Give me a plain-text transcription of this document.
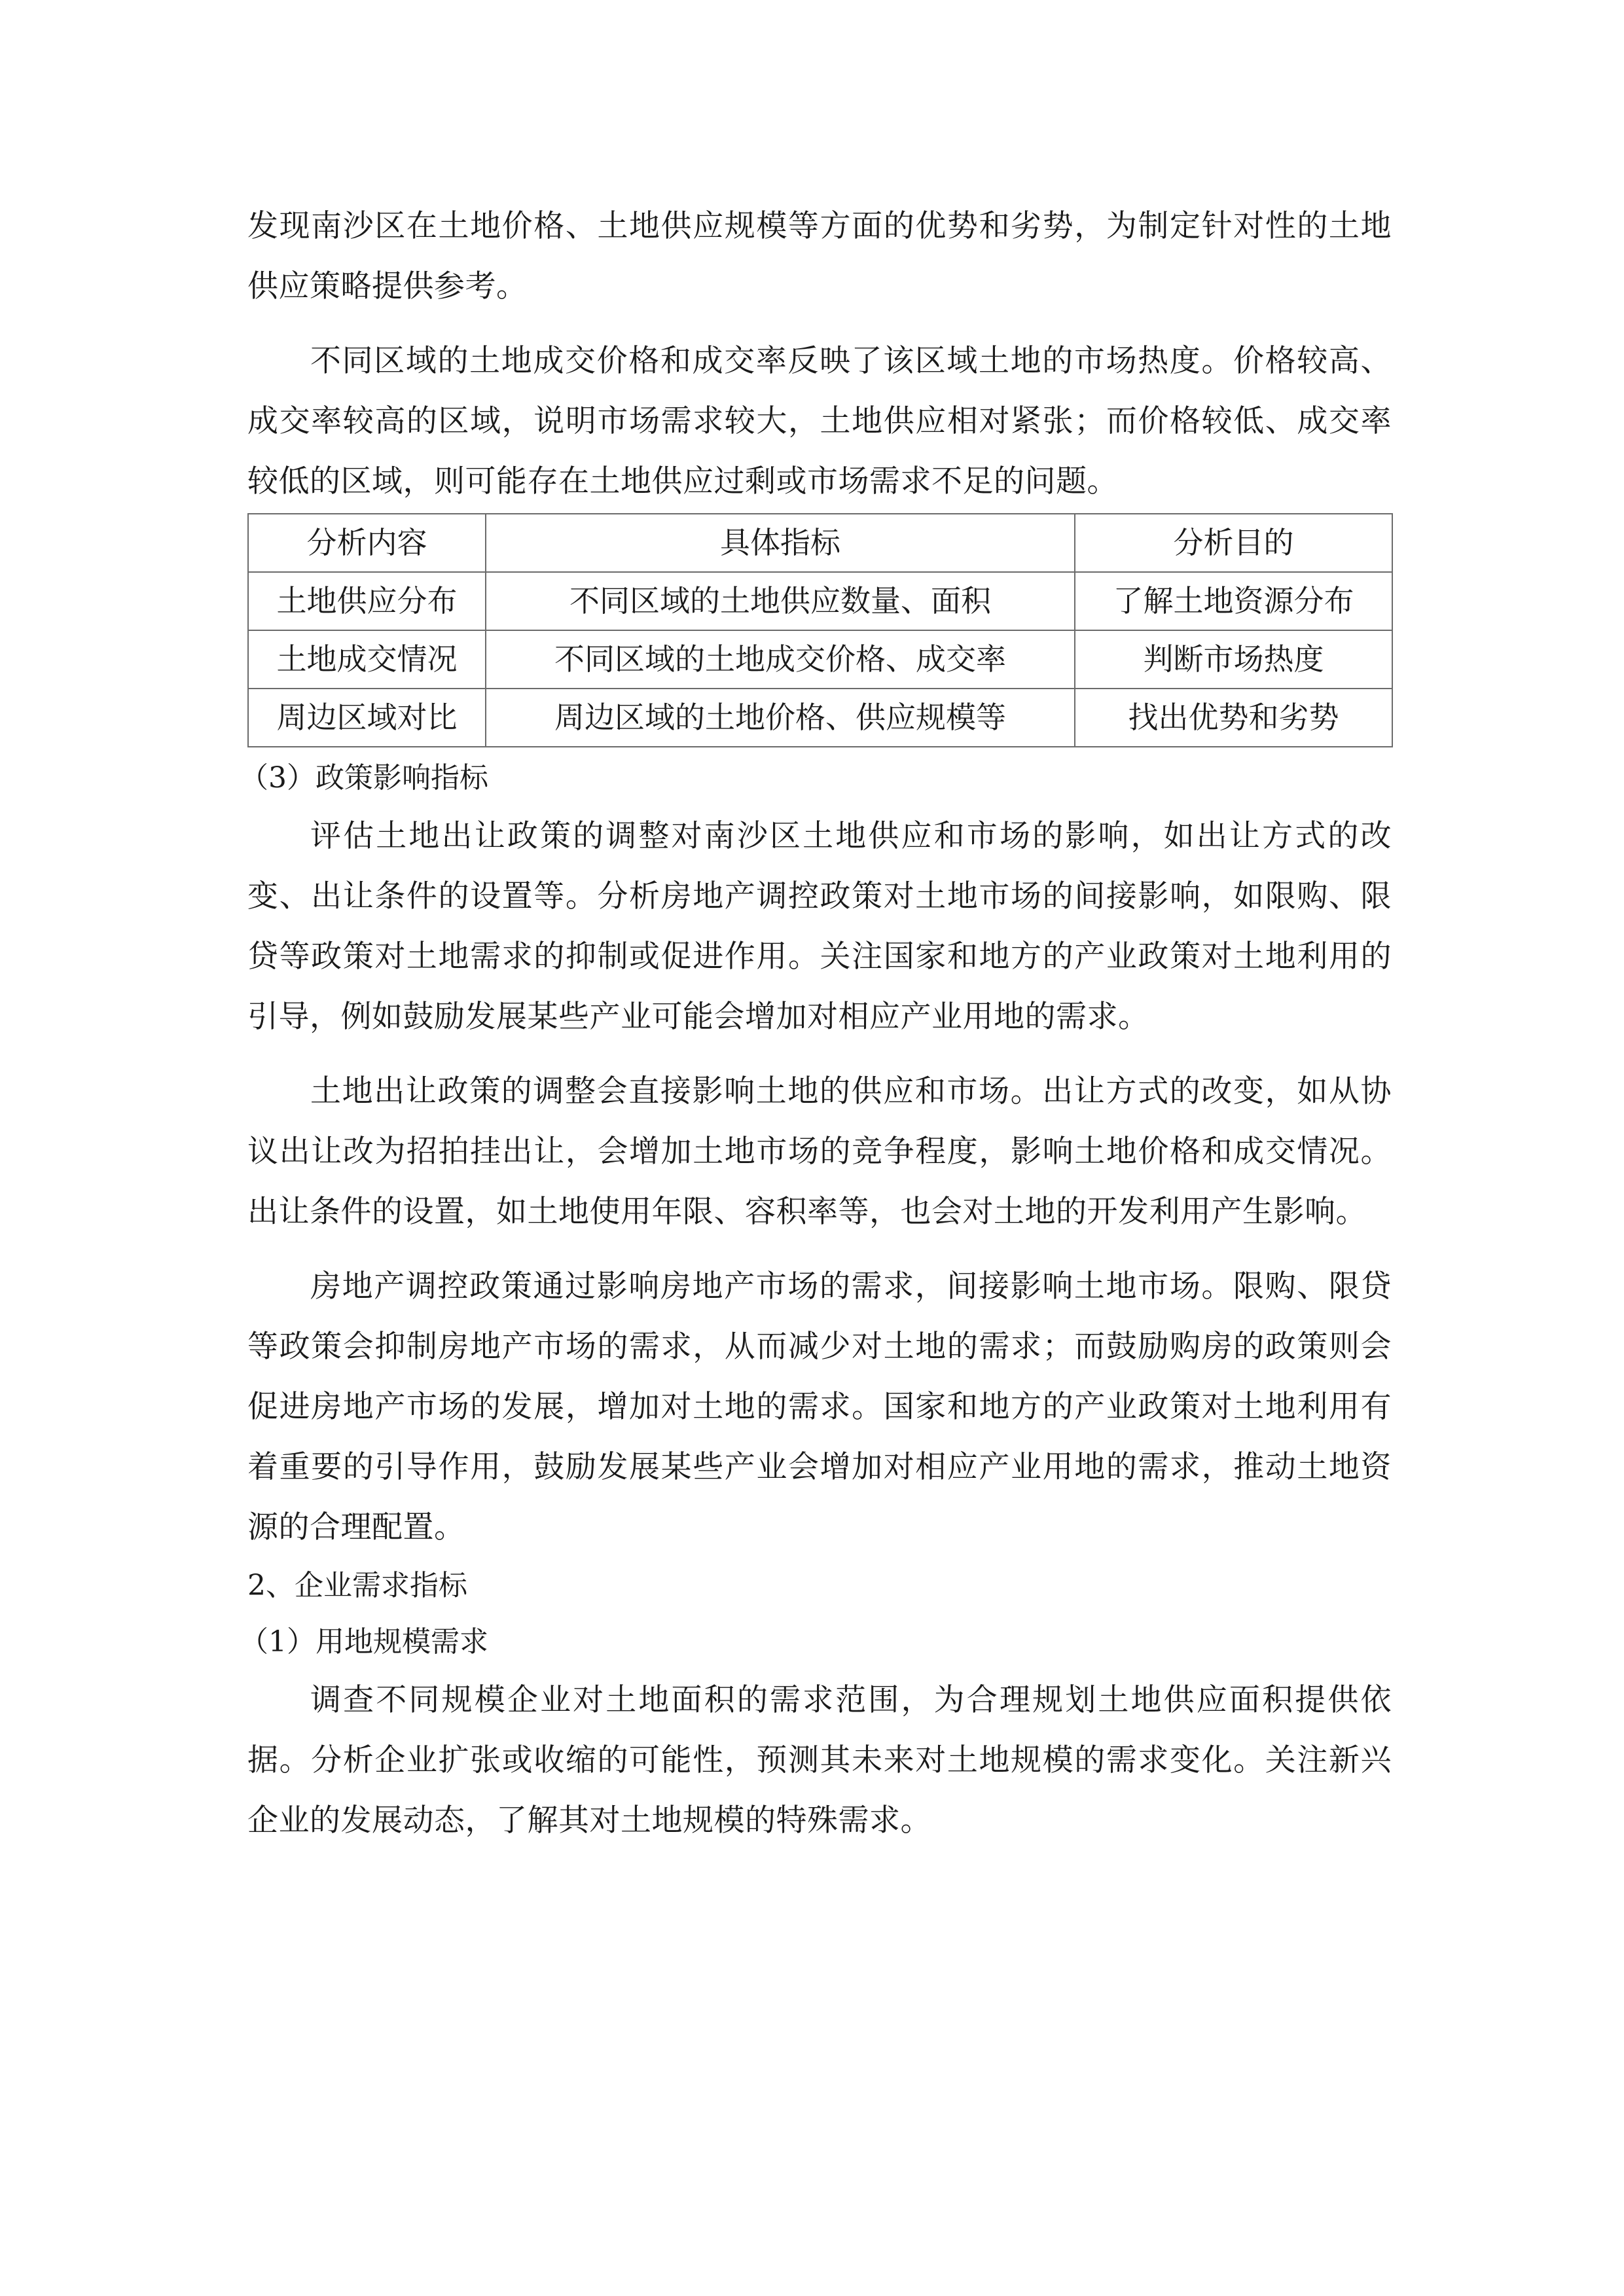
发现南沙区在土地价格、土地供应规模等方面的优势和劣势，为制定针对性的土地供应策略提供参考。

不同区域的土地成交价格和成交率反映了该区域土地的市场热度。价格较高、成交率较高的区域，说明市场需求较大，土地供应相对紧张；而价格较低、成交率较低的区域，则可能存在土地供应过剩或市场需求不足的问题。

分析内容	具体指标	分析目的
土地供应分布	不同区域的土地供应数量、面积	了解土地资源分布
土地成交情况	不同区域的土地成交价格、成交率	判断市场热度
周边区域对比	周边区域的土地价格、供应规模等	找出优势和劣势

（3）政策影响指标

评估土地出让政策的调整对南沙区土地供应和市场的影响，如出让方式的改变、出让条件的设置等。分析房地产调控政策对土地市场的间接影响，如限购、限贷等政策对土地需求的抑制或促进作用。关注国家和地方的产业政策对土地利用的引导，例如鼓励发展某些产业可能会增加对相应产业用地的需求。

土地出让政策的调整会直接影响土地的供应和市场。出让方式的改变，如从协议出让改为招拍挂出让，会增加土地市场的竞争程度，影响土地价格和成交情况。出让条件的设置，如土地使用年限、容积率等，也会对土地的开发利用产生影响。

房地产调控政策通过影响房地产市场的需求，间接影响土地市场。限购、限贷等政策会抑制房地产市场的需求，从而减少对土地的需求；而鼓励购房的政策则会促进房地产市场的发展，增加对土地的需求。国家和地方的产业政策对土地利用有着重要的引导作用，鼓励发展某些产业会增加对相应产业用地的需求，推动土地资源的合理配置。

2、企业需求指标

（1）用地规模需求

调查不同规模企业对土地面积的需求范围，为合理规划土地供应面积提供依据。分析企业扩张或收缩的可能性，预测其未来对土地规模的需求变化。关注新兴企业的发展动态，了解其对土地规模的特殊需求。
